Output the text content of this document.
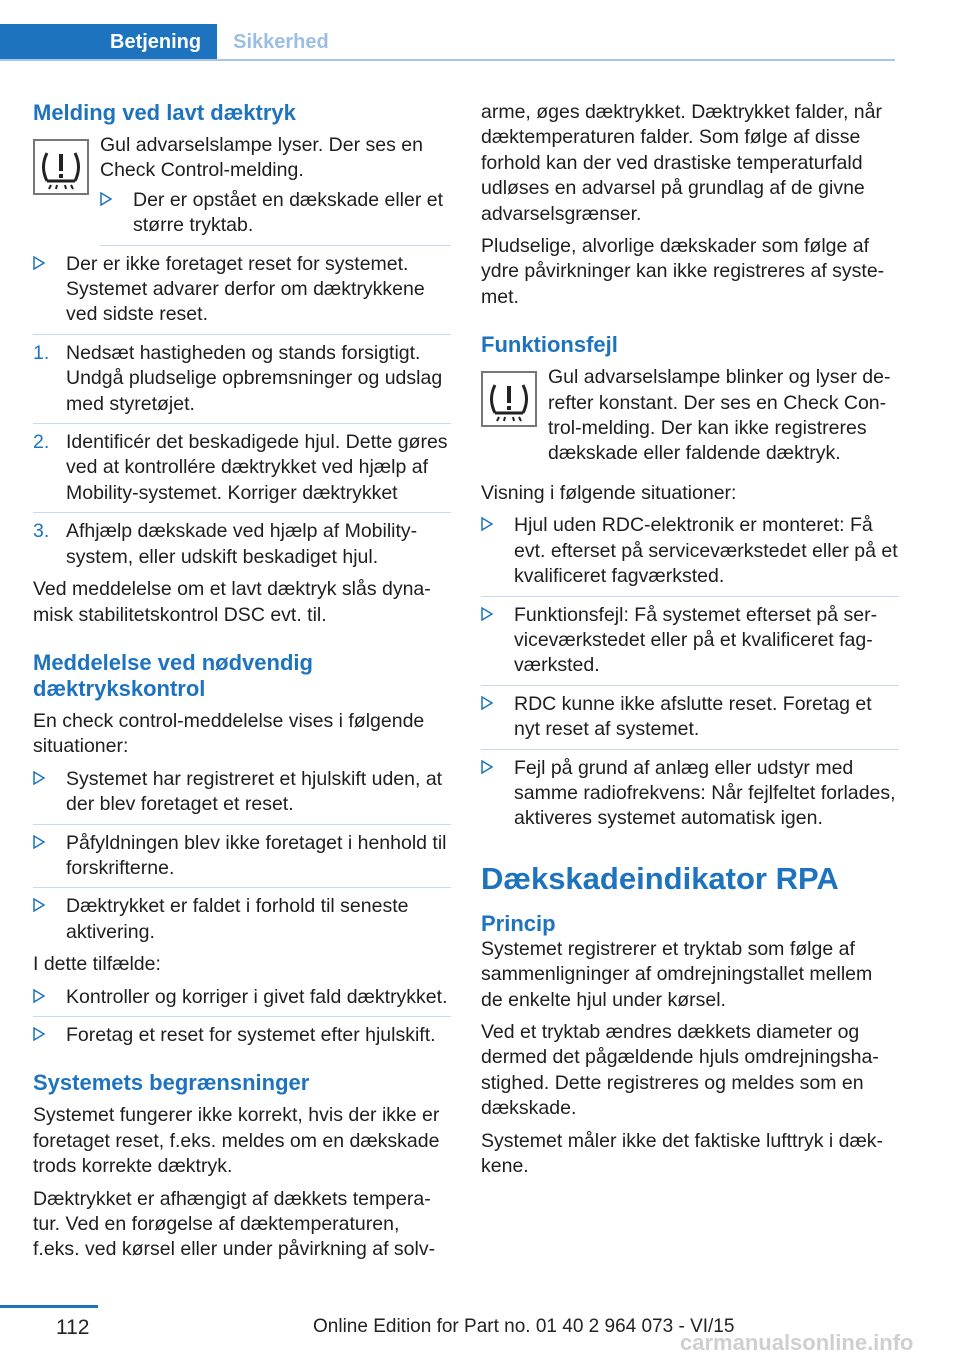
Betjening	Sikkerhed
Melding ved lavt dæktryk

Gul advarselslampe lyser. Der ses en Check Control-melding.

Der er opstået en dækskade eller et større tryktab.

Der er ikke foretaget reset for systemet. Systemet advarer derfor om dæktrykkene ved sidste reset.

1. Nedsæt hastigheden og stands forsigtigt. Undgå pludselige opbremsninger og udslag med styretøjet.

2. Identificér det beskadigede hjul. Dette gøres ved at kontrollére dæktrykket ved hjælp af Mobility-systemet. Korriger dæktrykket

3. Afhjælp dækskade ved hjælp af Mobility-system, eller udskift beskadiget hjul.

Ved meddelelse om et lavt dæktryk slås dynamisk stabilitetskontrol DSC evt. til.

Meddelelse ved nødvendig dæktrykskontrol

En check control-meddelelse vises i følgende situationer:

Systemet har registreret et hjulskift uden, at der blev foretaget et reset.

Påfyldningen blev ikke foretaget i henhold til forskrifterne.

Dæktrykket er faldet i forhold til seneste aktivering.

I dette tilfælde:

Kontroller og korriger i givet fald dæktrykket.

Foretag et reset for systemet efter hjulskift.

Systemets begrænsninger

Systemet fungerer ikke korrekt, hvis der ikke er foretaget reset, f.eks. meldes om en dækskade trods korrekte dæktryk.

Dæktrykket er afhængigt af dækkets temperatur. Ved en forøgelse af dæktemperaturen, f.eks. ved kørsel eller under påvirkning af solv-

arme, øges dæktrykket. Dæktrykket falder, når dæktemperaturen falder. Som følge af disse forhold kan der ved drastiske temperaturfald udløses en advarsel på grundlag af de givne advarselsgrænser.

Pludselige, alvorlige dækskader som følge af ydre påvirkninger kan ikke registreres af systemet.

Funktionsfejl

Gul advarselslampe blinker og lyser derefter konstant. Der ses en Check Control-melding. Der kan ikke registreres dækskade eller faldende dæktryk.

Visning i følgende situationer:

Hjul uden RDC-elektronik er monteret: Få evt. efterset på serviceværkstedet eller på et kvalificeret fagværksted.

Funktionsfejl: Få systemet efterset på serviceværkstedet eller på et kvalificeret fagværksted.

RDC kunne ikke afslutte reset. Foretag et nyt reset af systemet.

Fejl på grund af anlæg eller udstyr med samme radiofrekvens: Når fejlfeltet forlades, aktiveres systemet automatisk igen.

Dækskadeindikator RPA
Princip

Systemet registrerer et tryktab som følge af sammenligninger af omdrejningstallet mellem de enkelte hjul under kørsel.

Ved et tryktab ændres dækkets diameter og dermed det pågældende hjuls omdrejningshastighed. Dette registreres og meldes som en dækskade.

Systemet måler ikke det faktiske lufttryk i dækkene.

112	Online Edition for Part no. 01 40 2 964 073 - VI/15
carmanualsonline.info
